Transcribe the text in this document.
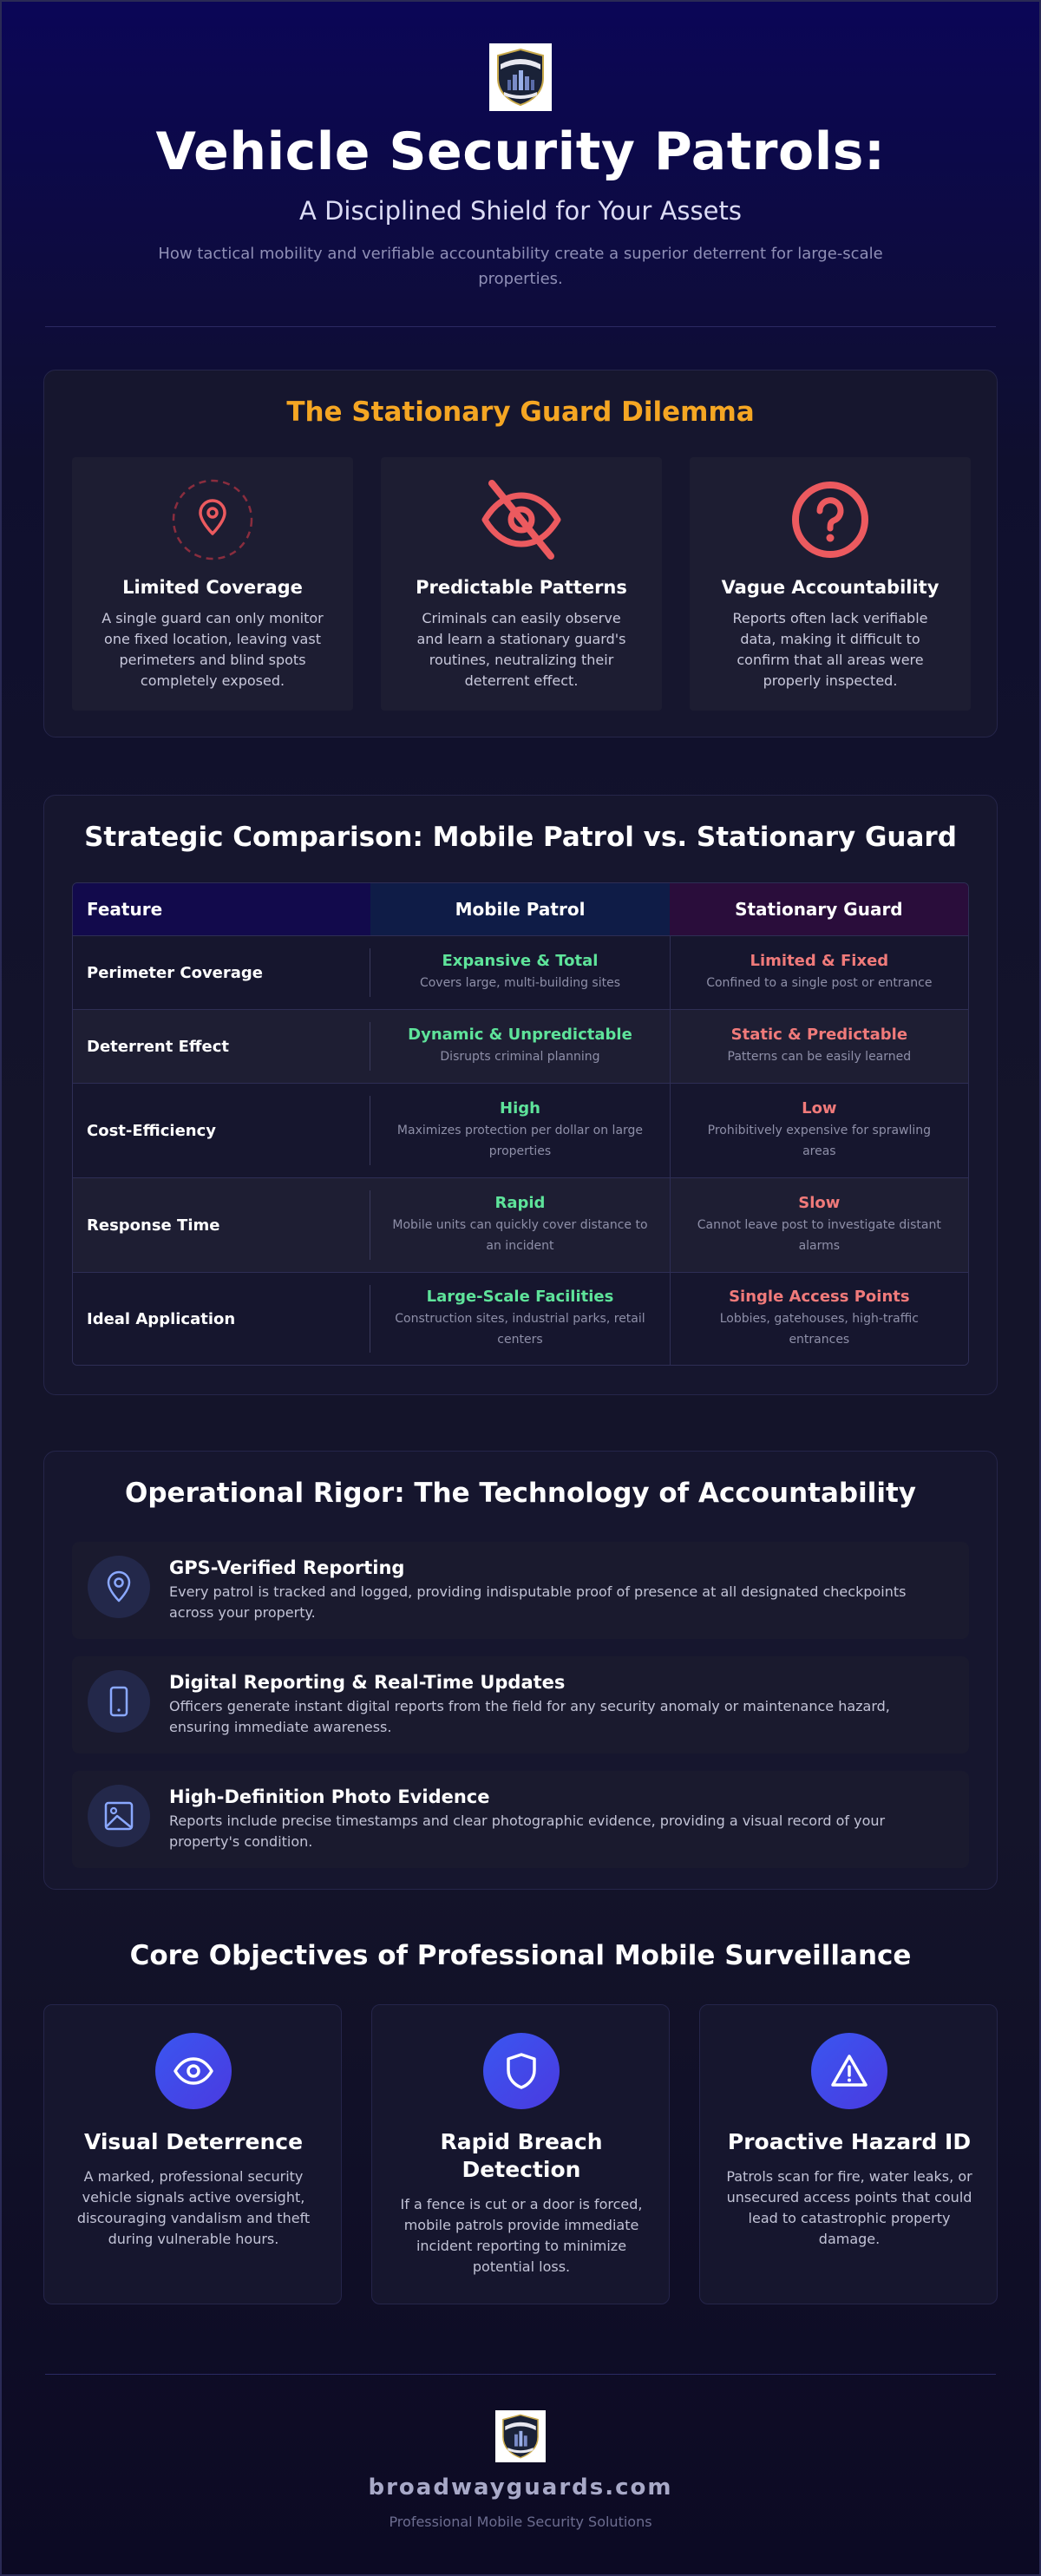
Vehicle Security Patrols:
A Disciplined Shield for Your Assets
How tactical mobility and verifiable accountability create a superior deterrent for large-scale properties.
The Stationary Guard Dilemma
Limited Coverage

A single guard can only monitor one fixed location, leaving vast perimeters and blind spots completely exposed.

Predictable Patterns

Criminals can easily observe and learn a stationary guard's routines, neutralizing their deterrent effect.

Vague Accountability

Reports often lack verifiable data, making it difficult to confirm that all areas were properly inspected.

Strategic Comparison: Mobile Patrol vs. Stationary Guard
Feature	Mobile Patrol	Stationary Guard
Perimeter Coverage
Expansive & Total
Covers large, multi-building sites
Limited & Fixed
Confined to a single post or entrance
Deterrent Effect
Dynamic & Unpredictable
Disrupts criminal planning
Static & Predictable
Patterns can be easily learned
Cost-Efficiency
High
Maximizes protection per dollar on large properties
Low
Prohibitively expensive for sprawling areas
Response Time
Rapid
Mobile units can quickly cover distance to an incident
Slow
Cannot leave post to investigate distant alarms
Ideal Application
Large-Scale Facilities
Construction sites, industrial parks, retail centers
Single Access Points
Lobbies, gatehouses, high-traffic entrances
Operational Rigor: The Technology of Accountability
GPS-Verified Reporting

Every patrol is tracked and logged, providing indisputable proof of presence at all designated checkpoints across your property.

Digital Reporting & Real-Time Updates

Officers generate instant digital reports from the field for any security anomaly or maintenance hazard, ensuring immediate awareness.

High-Definition Photo Evidence

Reports include precise timestamps and clear photographic evidence, providing a visual record of your property's condition.

Core Objectives of Professional Mobile Surveillance
Visual Deterrence

A marked, professional security vehicle signals active oversight, discouraging vandalism and theft during vulnerable hours.

Rapid Breach Detection

If a fence is cut or a door is forced, mobile patrols provide immediate incident reporting to minimize potential loss.

Proactive Hazard ID

Patrols scan for fire, water leaks, or unsecured access points that could lead to catastrophic property damage.

broadwayguards.com
Professional Mobile Security Solutions
